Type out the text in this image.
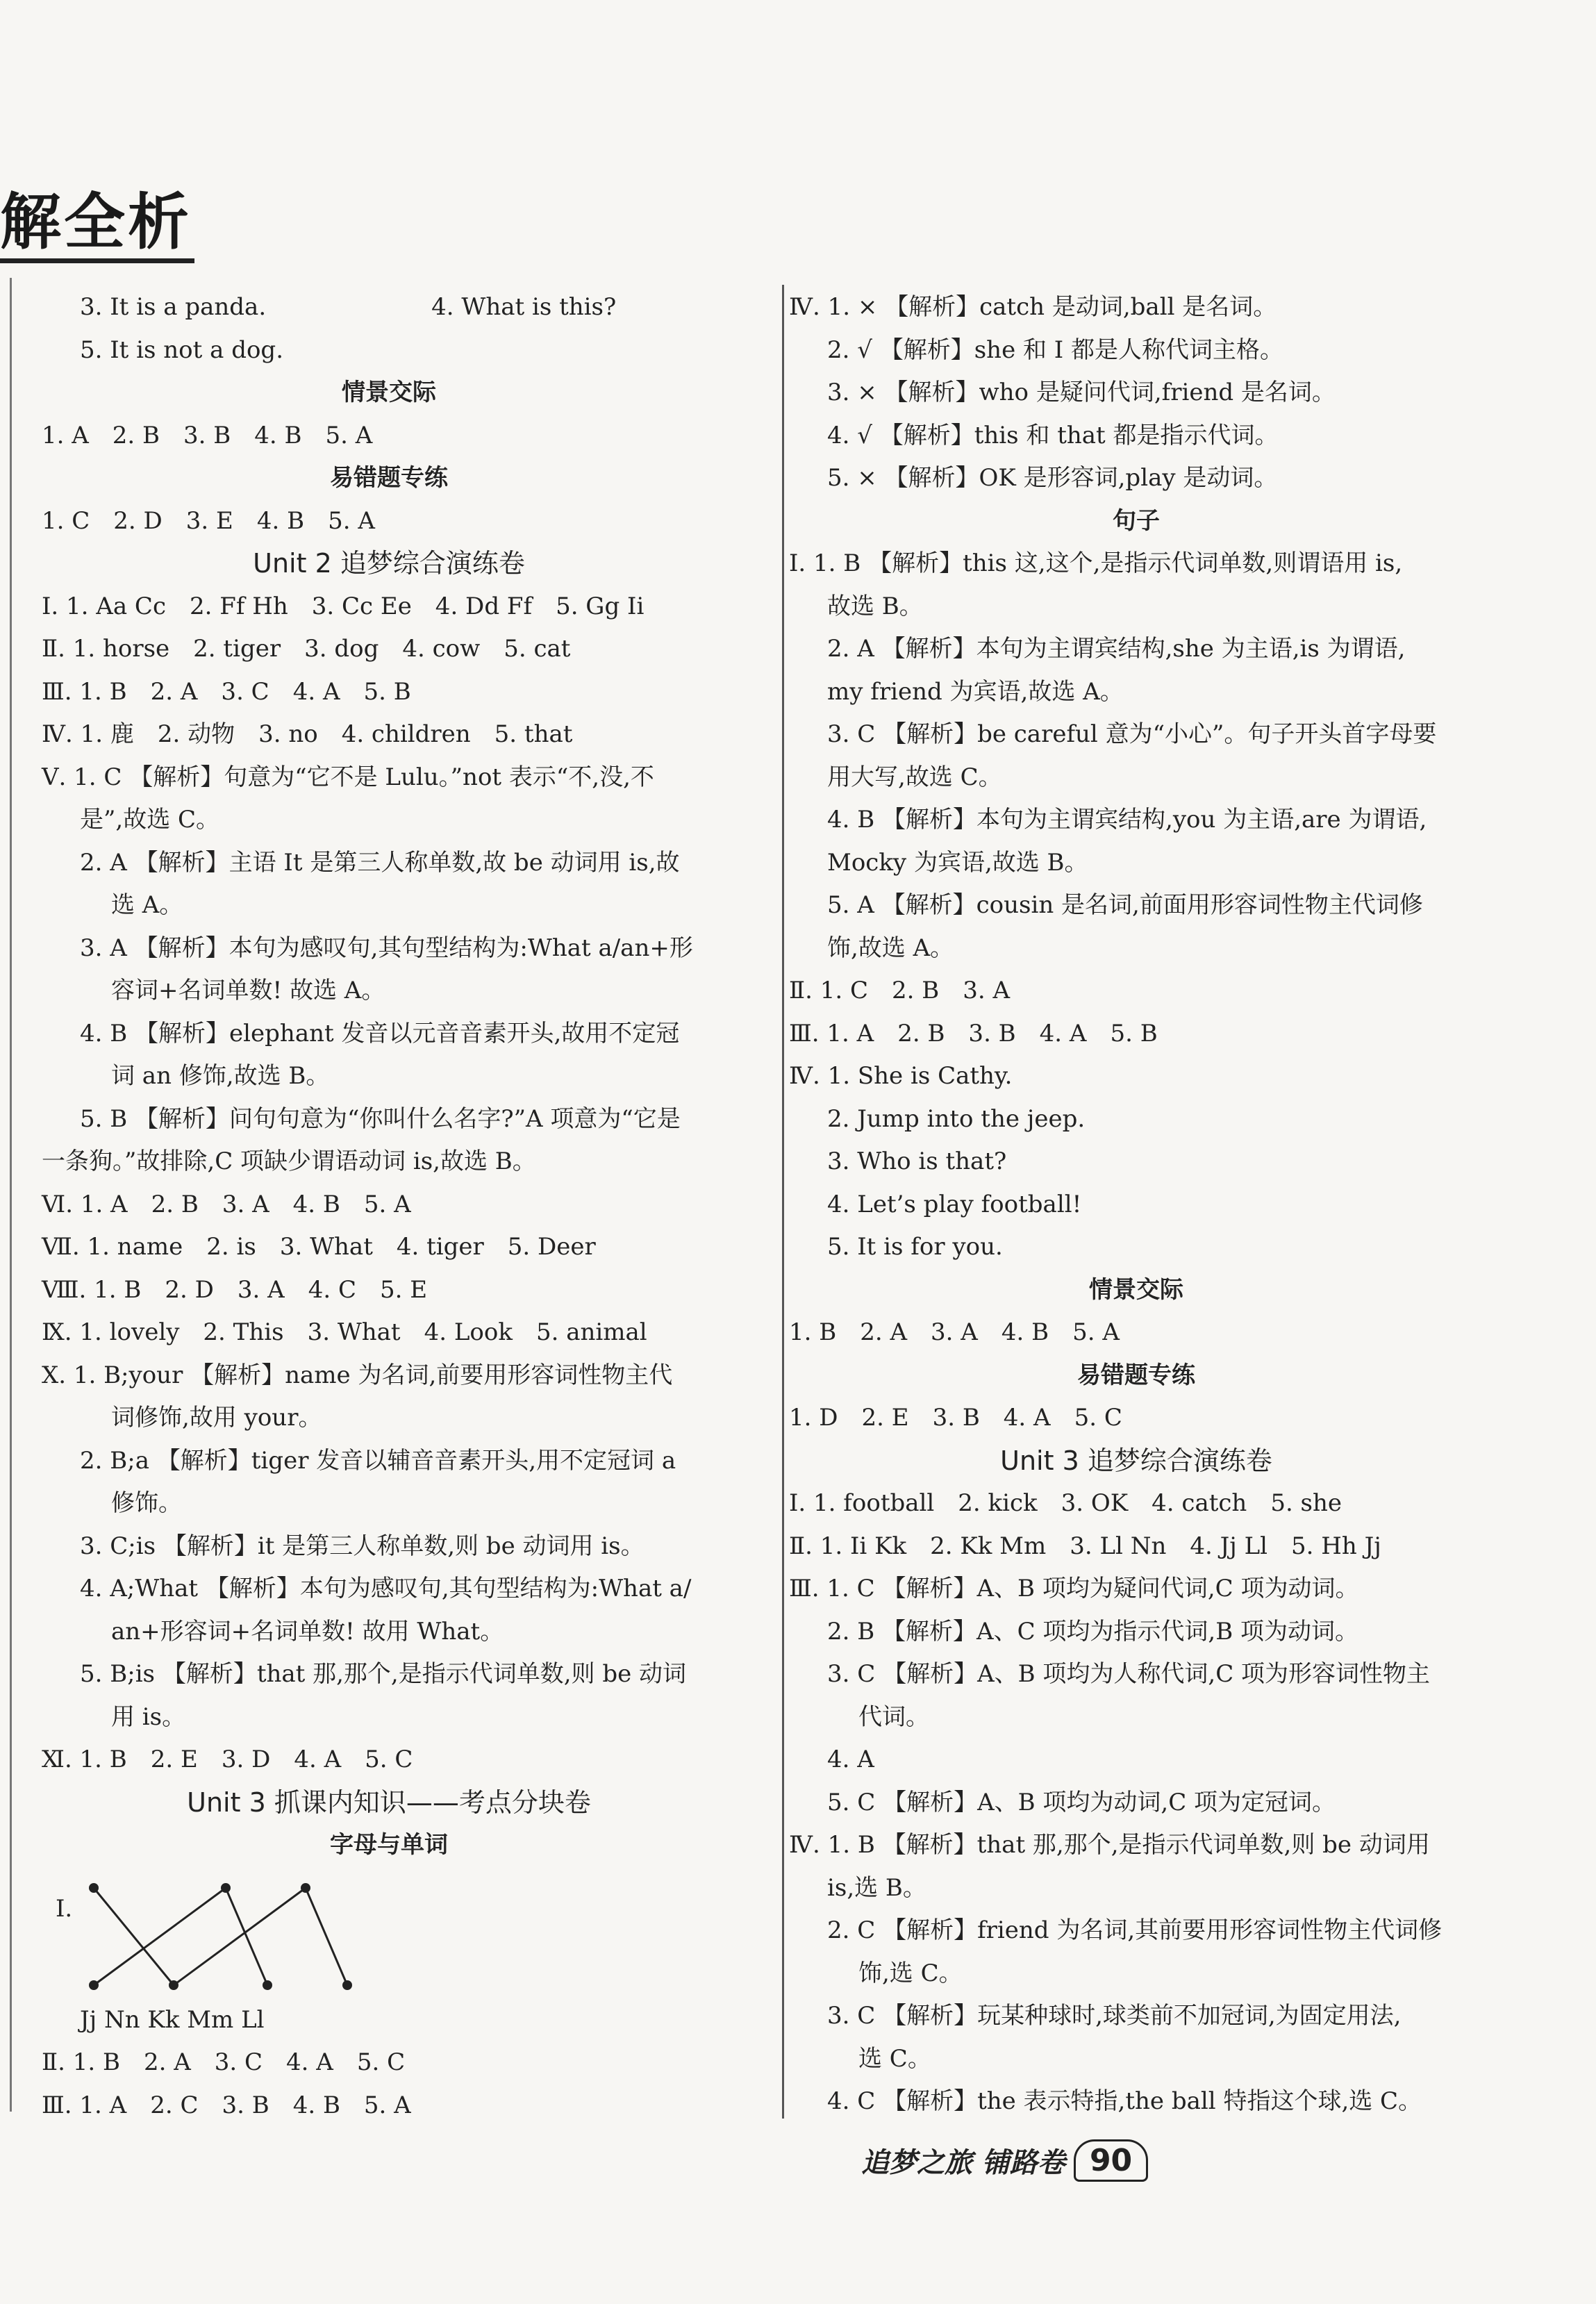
解全析
3. It is a panda.　　　　　　　4. What is this?
5. It is not a dog.
情景交际
1. A　2. B　3. B　4. B　5. A
易错题专练
1. C　2. D　3. E　4. B　5. A
Unit 2 追梦综合演练卷
Ⅰ. 1. Aa Cc　2. Ff Hh　3. Cc Ee　4. Dd Ff　5. Gg Ii
Ⅱ. 1. horse　2. tiger　3. dog　4. cow　5. cat
Ⅲ. 1. B　2. A　3. C　4. A　5. B
Ⅳ. 1. 鹿　2. 动物　3. no　4. children　5. that
Ⅴ. 1. C 【解析】句意为“它不是 Lulu。”not 表示“不,没,不
是”,故选 C。
2. A 【解析】主语 It 是第三人称单数,故 be 动词用 is,故
选 A。
3. A 【解析】本句为感叹句,其句型结构为:What a/an+形
容词+名词单数! 故选 A。
4. B 【解析】elephant 发音以元音音素开头,故用不定冠
词 an 修饰,故选 B。
5. B 【解析】问句句意为“你叫什么名字?”A 项意为“它是
一条狗。”故排除,C 项缺少谓语动词 is,故选 B。
Ⅵ. 1. A　2. B　3. A　4. B　5. A
Ⅶ. 1. name　2. is　3. What　4. tiger　5. Deer
Ⅷ. 1. B　2. D　3. A　4. C　5. E
Ⅸ. 1. lovely　2. This　3. What　4. Look　5. animal
Ⅹ. 1. B;your 【解析】name 为名词,前要用形容词性物主代
词修饰,故用 your。
2. B;a 【解析】tiger 发音以辅音音素开头,用不定冠词 a
修饰。
3. C;is 【解析】it 是第三人称单数,则 be 动词用 is。
4. A;What 【解析】本句为感叹句,其句型结构为:What a/
an+形容词+名词单数! 故用 What。
5. B;is 【解析】that 那,那个,是指示代词单数,则 be 动词
用 is。
Ⅺ. 1. B　2. E　3. D　4. A　5. C
Unit 3 抓课内知识——考点分块卷
字母与单词
Ⅰ.
Jj Nn Kk Mm Ll
Ⅱ. 1. B　2. A　3. C　4. A　5. C
Ⅲ. 1. A　2. C　3. B　4. B　5. A
Ⅳ. 1. × 【解析】catch 是动词,ball 是名词。
2. √ 【解析】she 和 I 都是人称代词主格。
3. × 【解析】who 是疑问代词,friend 是名词。
4. √ 【解析】this 和 that 都是指示代词。
5. × 【解析】OK 是形容词,play 是动词。
句子
Ⅰ. 1. B 【解析】this 这,这个,是指示代词单数,则谓语用 is,
故选 B。
2. A 【解析】本句为主谓宾结构,she 为主语,is 为谓语,
my friend 为宾语,故选 A。
3. C 【解析】be careful 意为“小心”。句子开头首字母要
用大写,故选 C。
4. B 【解析】本句为主谓宾结构,you 为主语,are 为谓语,
Mocky 为宾语,故选 B。
5. A 【解析】cousin 是名词,前面用形容词性物主代词修
饰,故选 A。
Ⅱ. 1. C　2. B　3. A
Ⅲ. 1. A　2. B　3. B　4. A　5. B
Ⅳ. 1. She is Cathy.
2. Jump into the jeep.
3. Who is that?
4. Let’s play football!
5. It is for you.
情景交际
1. B　2. A　3. A　4. B　5. A
易错题专练
1. D　2. E　3. B　4. A　5. C
Unit 3 追梦综合演练卷
Ⅰ. 1. football　2. kick　3. OK　4. catch　5. she
Ⅱ. 1. Ii Kk　2. Kk Mm　3. Ll Nn　4. Jj Ll　5. Hh Jj
Ⅲ. 1. C 【解析】A、B 项均为疑问代词,C 项为动词。
2. B 【解析】A、C 项均为指示代词,B 项为动词。
3. C 【解析】A、B 项均为人称代词,C 项为形容词性物主
代词。
4. A
5. C 【解析】A、B 项均为动词,C 项为定冠词。
Ⅳ. 1. B 【解析】that 那,那个,是指示代词单数,则 be 动词用
is,选 B。
2. C 【解析】friend 为名词,其前要用形容词性物主代词修
饰,选 C。
3. C 【解析】玩某种球时,球类前不加冠词,为固定用法,
选 C。
4. C 【解析】the 表示特指,the ball 特指这个球,选 C。
追梦之旅 铺路卷 90
